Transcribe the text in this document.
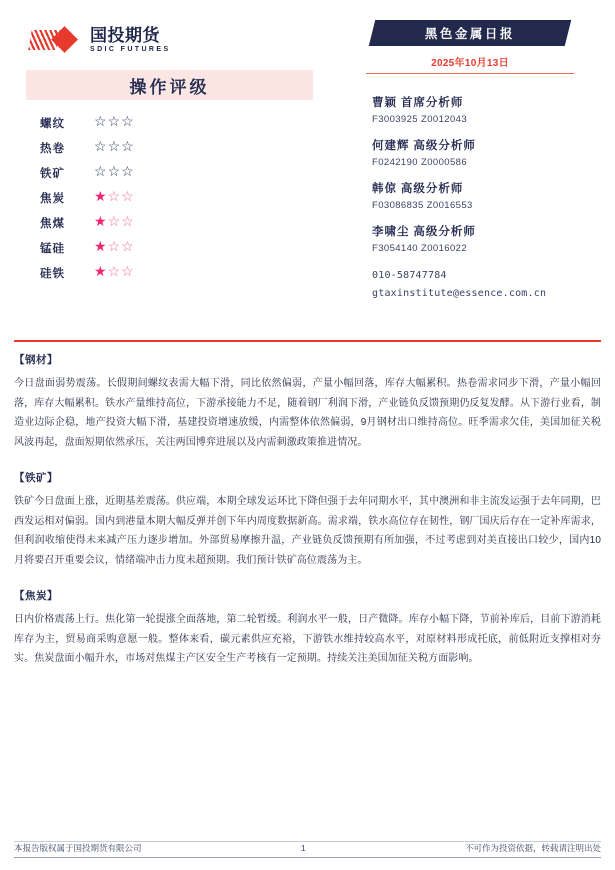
国投期货
SDIC FUTURES
操作评级
螺纹	☆ ☆ ☆
热卷	☆ ☆ ☆
铁矿	☆ ☆ ☆
焦炭	★ ☆ ☆
焦煤	★ ☆ ☆
锰硅	★ ☆ ☆
硅铁	★ ☆ ☆
黑色金属日报
2025年10月13日
曹颖 首席分析师
F3003925 Z0012043
何建辉 高级分析师
F0242190 Z0000586
韩倞 高级分析师
F03086835 Z0016553
李啸尘 高级分析师
F3054140 Z0016022
010-58747784
gtaxinstitute@essence.com.cn
【钢材】
今日盘面弱势震荡。长假期间螺纹表需大幅下滑，同比依然偏弱，产量小幅回落，库存大幅累积。热卷需求同步下滑，产量小幅回落，库存大幅累积。铁水产量维持高位，下游承接能力不足，随着钢厂利润下滑，产业链负反馈预期仍反复发酵。从下游行业看，制造业边际企稳，地产投资大幅下滑，基建投资增速放缓，内需整体依然偏弱，9月钢材出口维持高位。旺季需求欠佳，美国加征关税风波再起，盘面短期依然承压，关注两国博弈进展以及内需刺激政策推进情况。
【铁矿】
铁矿今日盘面上涨，近期基差震荡。供应端，本期全球发运环比下降但强于去年同期水平，其中澳洲和非主流发运强于去年同期，巴西发运相对偏弱。国内到港量本期大幅反弹并创下年内周度数据新高。需求端，铁水高位存在韧性，钢厂国庆后存在一定补库需求，但利润收缩使得未来减产压力逐步增加。外部贸易摩擦升温，产业链负反馈预期有所加强，不过考虑到对美直接出口较少，国内10月将要召开重要会议，情绪端冲击力度未超预期。我们预计铁矿高位震荡为主。
【焦炭】
日内价格震荡上行。焦化第一轮提涨全面落地，第二轮暂缓。利润水平一般，日产微降。库存小幅下降，节前补库后，目前下游消耗库存为主，贸易商采购意愿一般。整体来看，碳元素供应充裕，下游铁水维持较高水平，对原材料形成托底，前低附近支撑相对夯实。焦炭盘面小幅升水，市场对焦煤主产区安全生产考核有一定预期。持续关注美国加征关税方面影响。
本报告版权属于国投期货有限公司	1	不可作为投资依据，转载请注明出处
